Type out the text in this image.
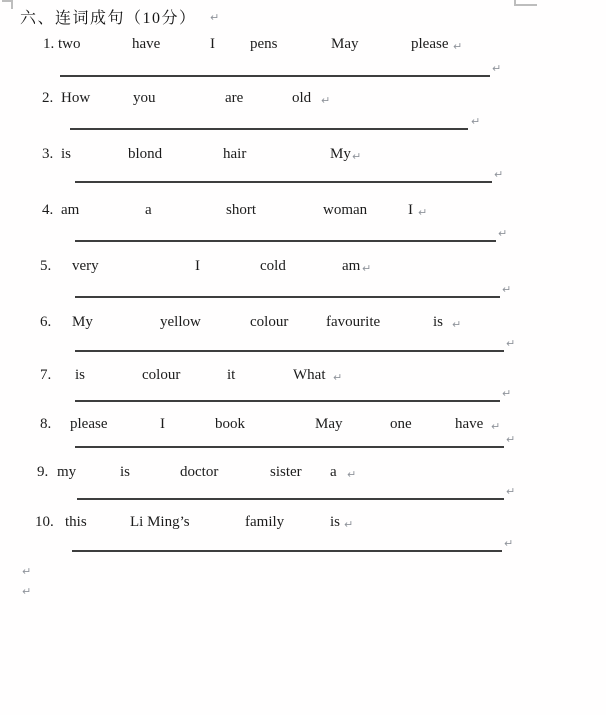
六、连词成句（10分） ↵
1. two	have	I pens	May	please ↵
↵
2. How	you	are	old ↵
↵
3. is	blond	hair	My ↵
↵
4. am	a	short	woman	I ↵
↵
5. very	I	cold	am ↵
↵
6. My	yellow	colour	favourite	is ↵
↵
7. is	colour	it	What ↵
↵
8. please	I	book	May	one	have ↵
↵
9. my	is	doctor	sister a ↵
↵
10. this	Li Ming’s	family	is ↵
↵
↵
↵
